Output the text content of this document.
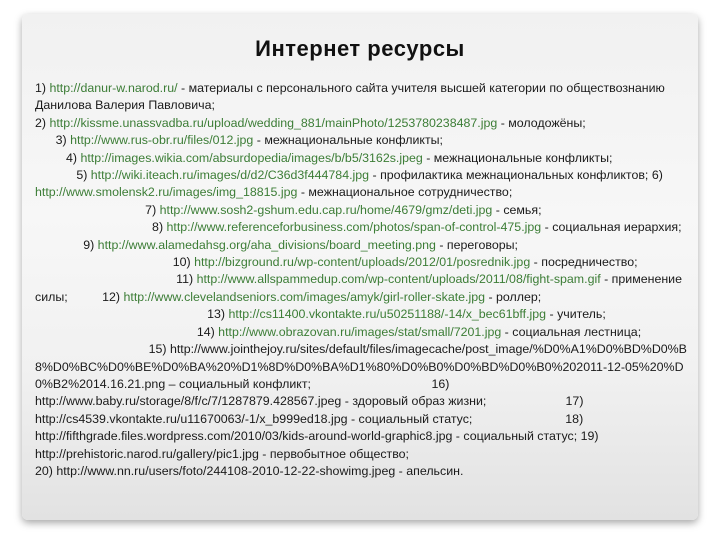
Интернет ресурсы

1) http://danur-w.narod.ru/ - материалы с персонального сайта учителя высшей категории по обществознанию Данилова Валерия Павловича;
2) http://kissme.unassvadba.ru/upload/wedding_881/mainPhoto/1253780238487.jpg - молодожёны;
3) http://www.rus-obr.ru/files/012.jpg - межнациональные конфликты;
4) http://images.wikia.com/absurdopedia/images/b/b5/3162s.jpeg - межнациональные конфликты;
5) http://wiki.iteach.ru/images/d/d2/C36d3f444784.jpg - профилактика межнациональных конфликтов; 6) http://www.smolensk2.ru/images/img_18815.jpg - межнациональное сотрудничество;
7) http://www.sosh2-gshum.edu.cap.ru/home/4679/gmz/deti.jpg - семья;
8) http://www.referenceforbusiness.com/photos/span-of-control-475.jpg - социальная иерархия;              9) http://www.alamedahsg.org/aha_divisions/board_meeting.png - переговоры;
10) http://bizground.ru/wp-content/uploads/2012/01/posrednik.jpg - посредничество;
11) http://www.allspammedup.com/wp-content/uploads/2011/08/fight-spam.gif - применение силы;	12) http://www.clevelandseniors.com/images/amyk/girl-roller-skate.jpg - роллер;                                                  13) http://cs11400.vkontakte.ru/u50251188/-14/x_bec61bff.jpg - учитель;                                               14) http://www.obrazovan.ru/images/stat/small/7201.jpg - социальная лестница;                                 15) http://www.jointhejoy.ru/sites/default/files/imagecache/post_image/%D0%A1%D0%BD%D0%B8%D0%BC%D0%BE%D0%BA%20%D1%8D%D0%BA%D1%80%D0%B0%D0%BD%D0%B0%202011-12-05%20%D0%B2%2014.16.21.png – социальный конфликт;	16) http://www.baby.ru/storage/8/f/c/7/1287879.428567.jpeg - здоровый образ жизни;	17) http://cs4539.vkontakte.ru/u11670063/-1/x_b999ed18.jpg - социальный статус;	18) http://fifthgrade.files.wordpress.com/2010/03/kids-around-world-graphic8.jpg - социальный статус; 19) http://prehistoric.narod.ru/gallery/pic1.jpg - первобытное общество;
20) http://www.nn.ru/users/foto/244108-2010-12-22-showimg.jpeg - апельсин.
